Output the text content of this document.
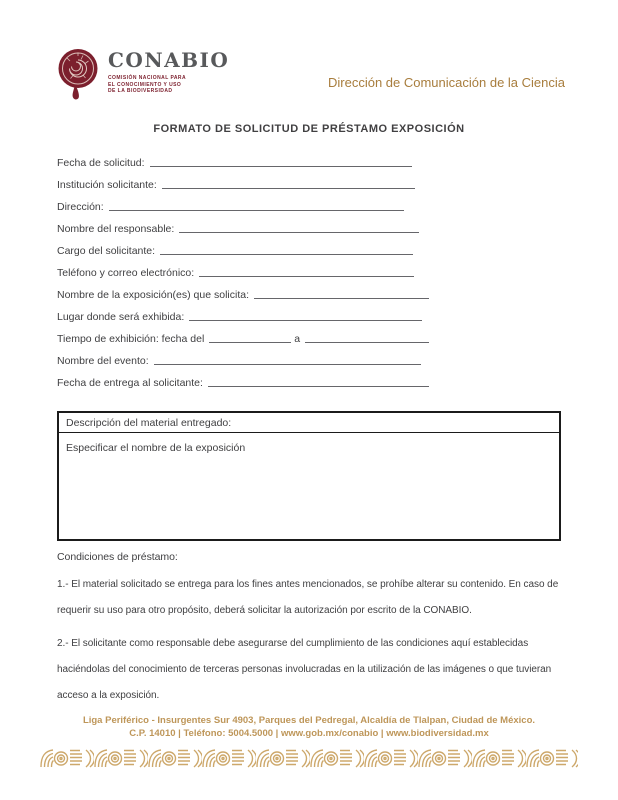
CONABIO
COMISIÓN NACIONAL PARA
EL CONOCIMIENTO Y USO
DE LA BIODIVERSIDAD
Dirección de Comunicación de la Ciencia
FORMATO DE SOLICITUD DE PRÉSTAMO EXPOSICIÓN
Fecha de solicitud:
Institución solicitante:
Dirección:
Nombre del responsable:
Cargo del solicitante:
Teléfono y correo electrónico:
Nombre de la exposición(es) que solicita:
Lugar donde será exhibida:
Tiempo de exhibición: fecha del	a
Nombre del evento:
Fecha de entrega al solicitante:
Descripción del material entregado:
Especificar el nombre de la exposición
Condiciones de préstamo:

1.- El material solicitado se entrega para los fines antes mencionados, se prohíbe alterar su contenido. En caso de requerir su uso para otro propósito, deberá solicitar la autorización por escrito de la CONABIO.

2.- El solicitante como responsable debe asegurarse del cumplimiento de las condiciones aquí establecidas haciéndolas del conocimiento de terceras personas involucradas en la utilización de las imágenes o que tuvieran acceso a la exposición.

Liga Periférico - Insurgentes Sur 4903, Parques del Pedregal, Alcaldía de Tlalpan, Ciudad de México.
C.P. 14010 | Teléfono: 5004.5000 | www.gob.mx/conabio | www.biodiversidad.mx
